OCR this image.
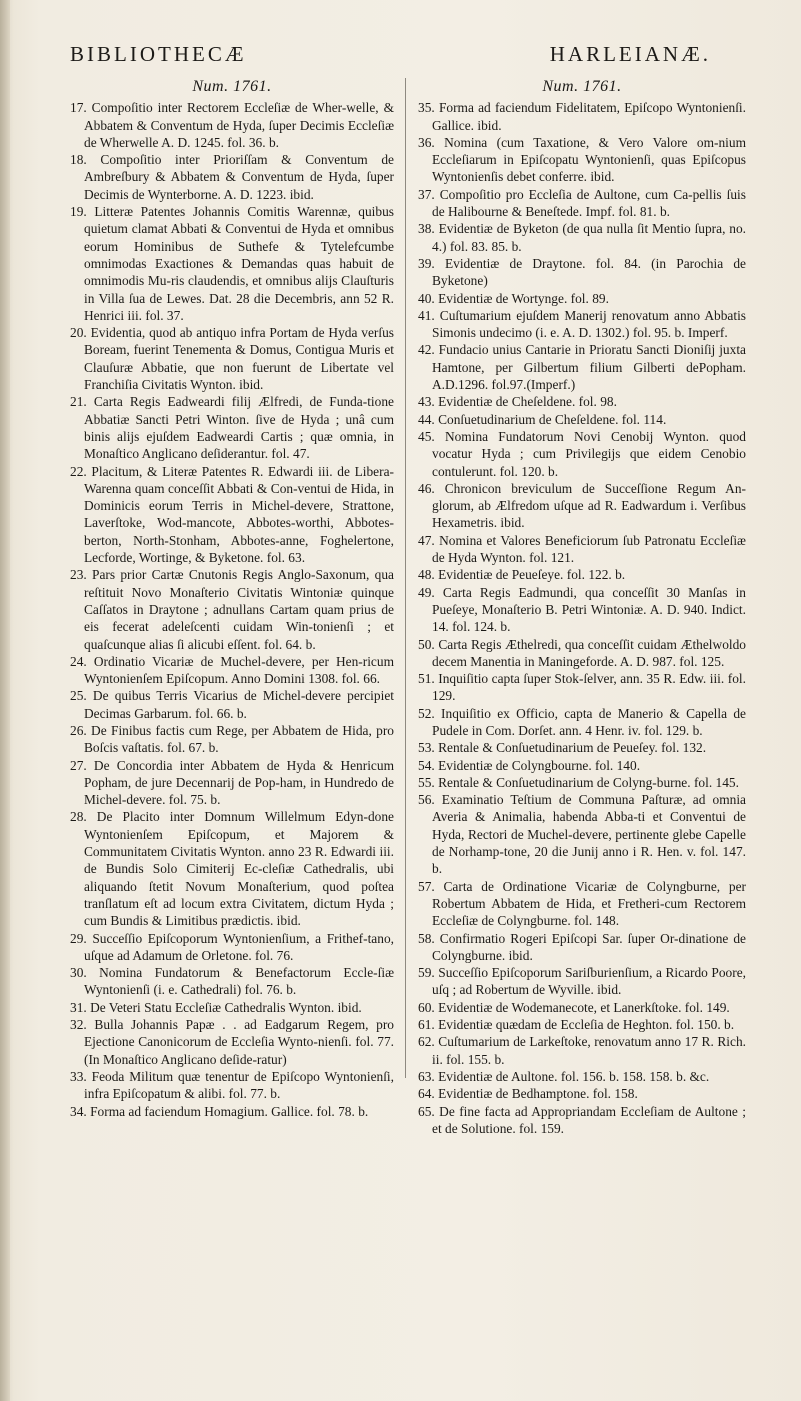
BIBLIOTHECÆ	HARLEIANÆ.
Num. 1761.

17. Compoſitio inter Rectorem Eccleſiæ de Wher-welle, & Abbatem & Conventum de Hyda, ſuper Decimis Eccleſiæ de Wherwelle A. D. 1245. fol. 36. b.

18. Compoſitio inter Prioriſſam & Conventum de Ambreſbury & Abbatem & Conventum de Hyda, ſuper Decimis de Wynterborne. A. D. 1223. ibid.

19. Litteræ Patentes Johannis Comitis Warennæ, quibus quietum clamat Abbati & Conventui de Hyda et omnibus eorum Hominibus de Suthefe & Tytelefcumbe omnimodas Exactiones & Demandas quas habuit de omnimodis Mu-ris claudendis, et omnibus alijs Clauſturis in Villa ſua de Lewes. Dat. 28 die Decembris, ann 52 R. Henrici iii. fol. 37.

20. Evidentia, quod ab antiquo infra Portam de Hyda verſus Boream, fuerint Tenementa & Domus, Contigua Muris et Clauſuræ Abbatie, que non fuerunt de Libertate vel Franchiſia Civitatis Wynton. ibid.

21. Carta Regis Eadweardi filij Ælfredi, de Funda-tione Abbatiæ Sancti Petri Winton. ſive de Hyda ; unâ cum binis alijs ejuſdem Eadweardi Cartis ; quæ omnia, in Monaſtico Anglicano deſiderantur. fol. 47.

22. Placitum, & Literæ Patentes R. Edwardi iii. de Libera-Warenna quam conceſſit Abbati & Con-ventui de Hida, in Dominicis eorum Terris in Michel-devere, Strattone, Laverſtoke, Wod-mancote, Abbotes-worthi, Abbotes-berton, North-Stonham, Abbotes-anne, Foghelertone, Lecforde, Wortinge, & Byketone. fol. 63.

23. Pars prior Cartæ Cnutonis Regis Anglo-Saxonum, qua reſtituit Novo Monaſterio Civitatis Wintoniæ quinque Caſſatos in Draytone ; adnullans Cartam quam prius de eis fecerat adeleſcenti cuidam Win-tonienſi ; et quaſcunque alias ſi alicubi eſſent. fol. 64. b.

24. Ordinatio Vicariæ de Muchel-devere, per Hen-ricum Wyntonienſem Epiſcopum. Anno Domini 1308. fol. 66.

25. De quibus Terris Vicarius de Michel-devere percipiet Decimas Garbarum. fol. 66. b.

26. De Finibus factis cum Rege, per Abbatem de Hida, pro Boſcis vaſtatis. fol. 67. b.

27. De Concordia inter Abbatem de Hyda & Henricum Popham, de jure Decennarij de Pop-ham, in Hundredo de Michel-devere. fol. 75. b.

28. De Placito inter Domnum Willelmum Edyn-done Wyntonienſem Epiſcopum, et Majorem & Communitatem Civitatis Wynton. anno 23 R. Edwardi iii. de Bundis Solo Cimiterij Ec-cleſiæ Cathedralis, ubi aliquando ſtetit Novum Monaſterium, quod poſtea tranſlatum eſt ad locum extra Civitatem, dictum Hyda ; cum Bundis & Limitibus prædictis. ibid.

29. Succeſſio Epiſcoporum Wyntonienſium, a Frithef-tano, uſque ad Adamum de Orletone. fol. 76.

30. Nomina Fundatorum & Benefactorum Eccle-ſiæ Wyntonienſi (i. e. Cathedrali) fol. 76. b.

31. De Veteri Statu Eccleſiæ Cathedralis Wynton. ibid.

32. Bulla Johannis Papæ . . ad Eadgarum Regem, pro Ejectione Canonicorum de Eccleſia Wynto-nienſi. fol. 77. (In Monaſtico Anglicano deſide-ratur)

33. Feoda Militum quæ tenentur de Epiſcopo Wyntonienſi, infra Epiſcopatum & alibi. fol. 77. b.

34. Forma ad faciendum Homagium. Gallice. fol. 78. b.

Num. 1761.

35. Forma ad faciendum Fidelitatem, Epiſcopo Wyntonienſi. Gallice. ibid.

36. Nomina (cum Taxatione, & Vero Valore om-nium Eccleſiarum in Epiſcopatu Wyntonienſi, quas Epiſcopus Wyntonienſis debet conferre. ibid.

37. Compoſitio pro Eccleſia de Aultone, cum Ca-pellis ſuis de Halibourne & Beneſtede. Impf. fol. 81. b.

38. Evidentiæ de Byketon (de qua nulla ſit Mentio ſupra, no. 4.) fol. 83. 85. b.

39. Evidentiæ de Draytone. fol. 84. (in Parochia de Byketone)

40. Evidentiæ de Wortynge. fol. 89.

41. Cuſtumarium ejuſdem Manerij renovatum anno Abbatis Simonis undecimo (i. e. A. D. 1302.) fol. 95. b. Imperf.

42. Fundacio unius Cantarie in Prioratu Sancti Dioniſij juxta Hamtone, per Gilbertum filium Gilberti dePopham. A.D.1296. fol.97.(Imperf.)

43. Evidentiæ de Cheſeldene. fol. 98.

44. Conſuetudinarium de Cheſeldene. fol. 114.

45. Nomina Fundatorum Novi Cenobij Wynton. quod vocatur Hyda ; cum Privilegijs que eidem Cenobio contulerunt. fol. 120. b.

46. Chronicon breviculum de Succeſſione Regum An-glorum, ab Ælfredom uſque ad R. Eadwardum i. Verſibus Hexametris. ibid.

47. Nomina et Valores Beneficiorum ſub Patronatu Eccleſiæ de Hyda Wynton. fol. 121.

48. Evidentiæ de Peueſeye. fol. 122. b.

49. Carta Regis Eadmundi, qua conceſſit 30 Manſas in Pueſeye, Monaſterio B. Petri Wintoniæ. A. D. 940. Indict. 14. fol. 124. b.

50. Carta Regis Æthelredi, qua conceſſit cuidam Æthelwoldo decem Manentia in Maningeforde. A. D. 987. fol. 125.

51. Inquiſitio capta ſuper Stok-ſelver, ann. 35 R. Edw. iii. fol. 129.

52. Inquiſitio ex Officio, capta de Manerio & Capella de Pudele in Com. Dorſet. ann. 4 Henr. iv. fol. 129. b.

53. Rentale & Conſuetudinarium de Peueſey. fol. 132.

54. Evidentiæ de Colyngbourne. fol. 140.

55. Rentale & Conſuetudinarium de Colyng-burne. fol. 145.

56. Examinatio Teſtium de Communa Paſturæ, ad omnia Averia & Animalia, habenda Abba-ti et Conventui de Hyda, Rectori de Muchel-devere, pertinente glebe Capelle de Norhamp-tone, 20 die Junij anno i R. Hen. v. fol. 147. b.

57. Carta de Ordinatione Vicariæ de Colyngburne, per Robertum Abbatem de Hida, et Fretheri-cum Rectorem Eccleſiæ de Colyngburne. fol. 148.

58. Confirmatio Rogeri Epiſcopi Sar. ſuper Or-dinatione de Colyngburne. ibid.

59. Succeſſio Epiſcoporum Sariſburienſium, a Ricardo Poore, uſq ; ad Robertum de Wyville. ibid.

60. Evidentiæ de Wodemanecote, et Lanerkſtoke. fol. 149.

61. Evidentiæ quædam de Eccleſia de Heghton. fol. 150. b.

62. Cuſtumarium de Larkeſtoke, renovatum anno 17 R. Rich. ii. fol. 155. b.

63. Evidentiæ de Aultone. fol. 156. b. 158. 158. b. &c.

64. Evidentiæ de Bedhamptone. fol. 158.

65. De fine facta ad Appropriandam Eccleſiam de Aultone ; et de Solutione. fol. 159.
